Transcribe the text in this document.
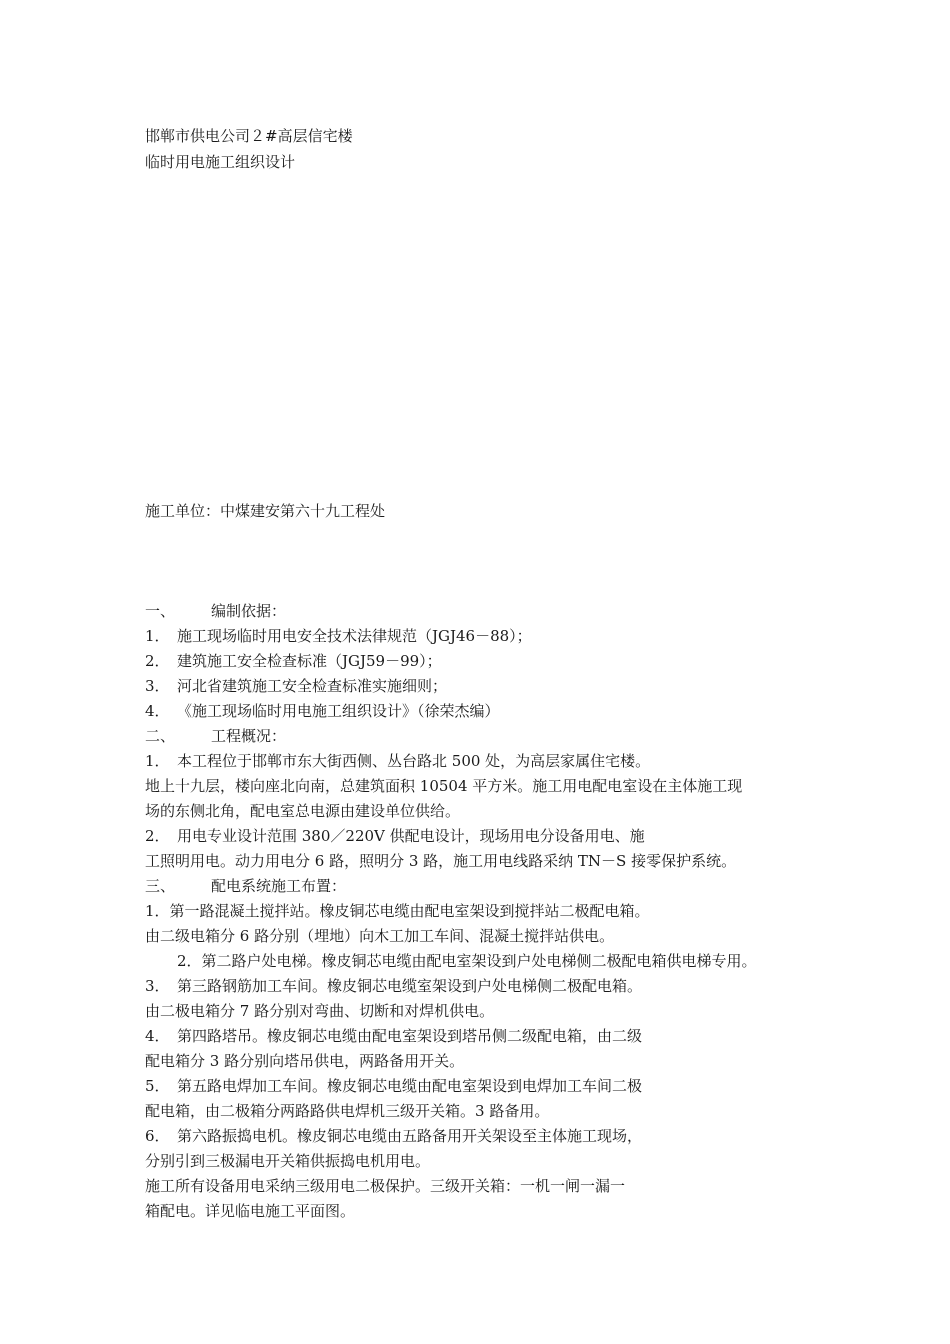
邯郸市供电公司２#高层信宅楼
临时用电施工组织设计
施工单位：中煤建安第六十九工程处
一、 编制依据：
1． 施工现场临时用电安全技术法律规范（JGJ46－88）；
2． 建筑施工安全检查标准（JGJ59－99）；
3． 河北省建筑施工安全检查标准实施细则；
4． 《施工现场临时用电施工组织设计》（徐荣杰编）
二、 工程概况：
1． 本工程位于邯郸市东大街西侧、丛台路北 500 处，为高层家属住宅楼。
地上十九层，楼向座北向南，总建筑面积 10504 平方米。施工用电配电室设在主体施工现
场的东侧北角，配电室总电源由建设单位供给。
2． 用电专业设计范围 380／220V 供配电设计，现场用电分设备用电、施
工照明用电。动力用电分 6 路，照明分 3 路，施工用电线路采纳 TN－S 接零保护系统。
三、 配电系统施工布置：
1．第一路混凝土搅拌站。橡皮铜芯电缆由配电室架设到搅拌站二极配电箱。
由二级电箱分 6 路分别（埋地）向木工加工车间、混凝土搅拌站供电。
2．第二路户处电梯。橡皮铜芯电缆由配电室架设到户处电梯侧二极配电箱供电梯专用。
3．　第三路钢筋加工车间。橡皮铜芯电缆室架设到户处电梯侧二极配电箱。
由二极电箱分 7 路分别对弯曲、切断和对焊机供电。
4．　第四路塔吊。橡皮铜芯电缆由配电室架设到塔吊侧二级配电箱，由二级
配电箱分 3 路分别向塔吊供电，两路备用开关。
5．　第五路电焊加工车间。橡皮铜芯电缆由配电室架设到电焊加工车间二极
配电箱，由二极箱分两路路供电焊机三级开关箱。3 路备用。
6．　第六路振捣电机。橡皮铜芯电缆由五路备用开关架设至主体施工现场，
分别引到三极漏电开关箱供振捣电机用电。
施工所有设备用电采纳三级用电二极保护。三级开关箱：一机一闸一漏一
箱配电。详见临电施工平面图。
